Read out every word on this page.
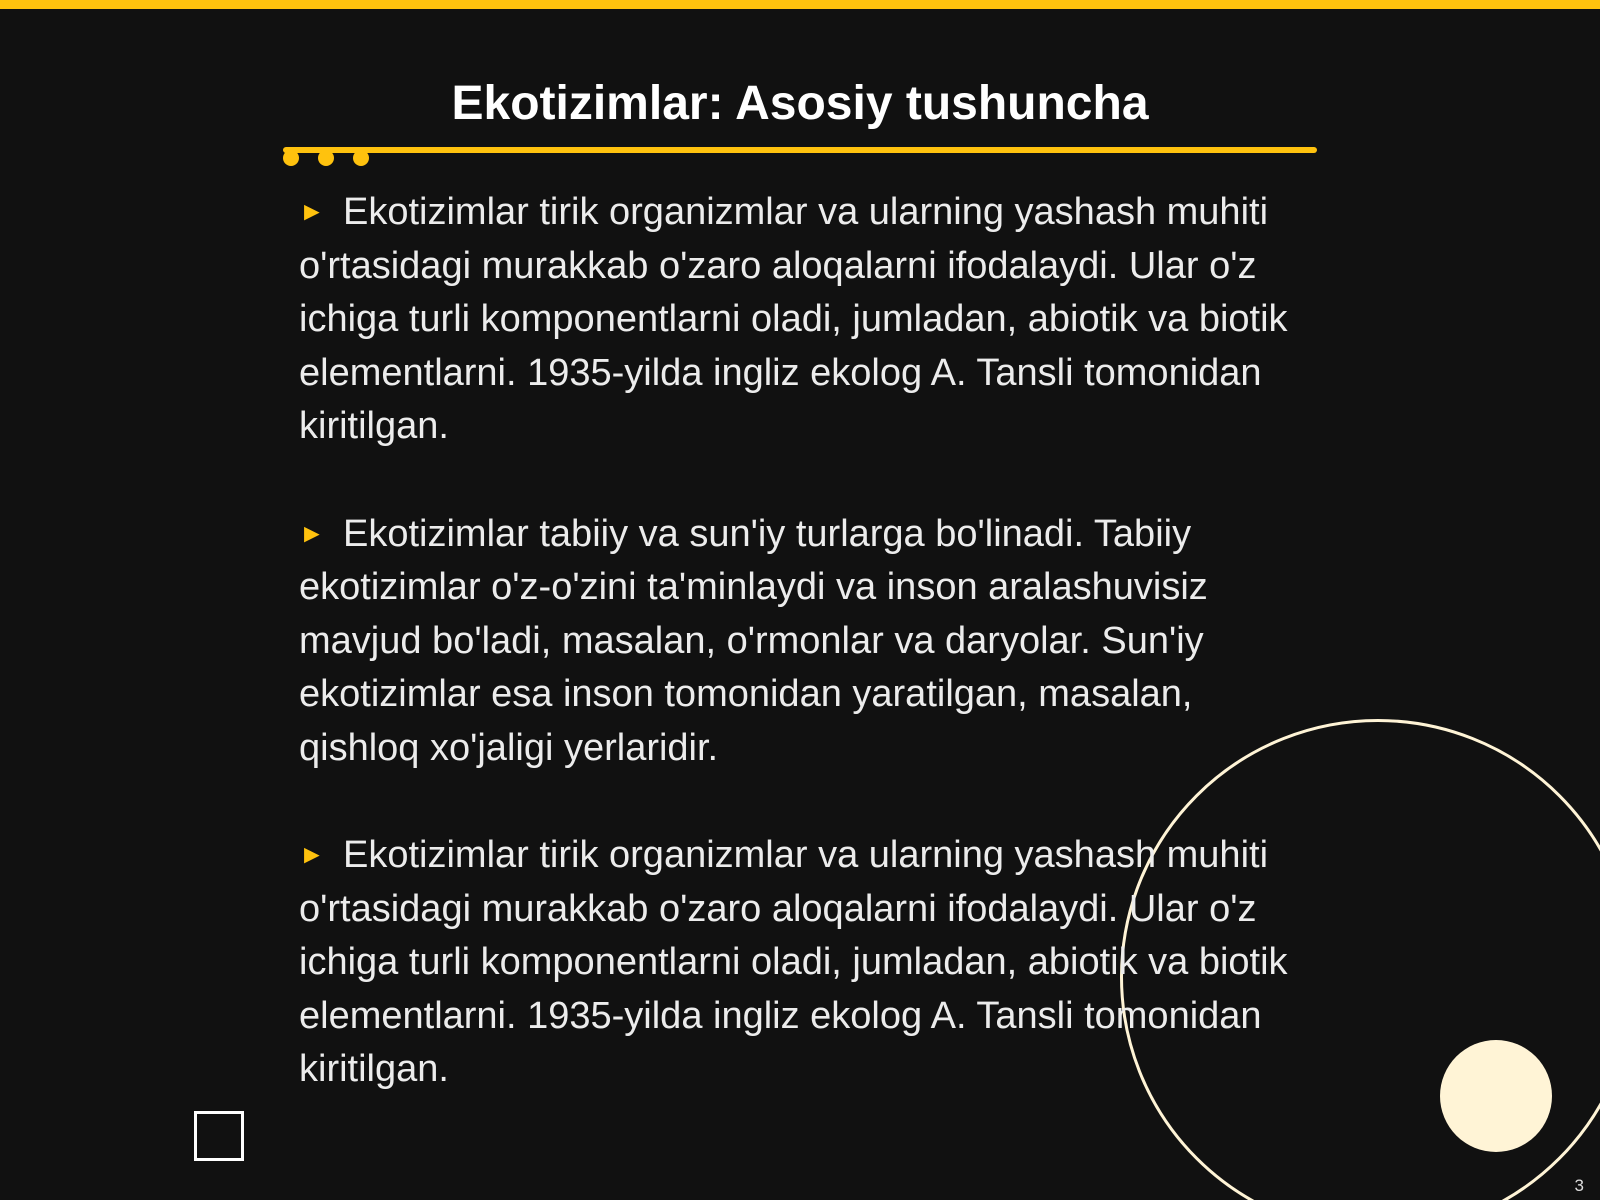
Ekotizimlar: Asosiy tushuncha

► Ekotizimlar tirik organizmlar va ularning yashash muhiti o'rtasidagi murakkab o'zaro aloqalarni ifodalaydi. Ular o'z ichiga turli komponentlarni oladi, jumladan, abiotik va biotik elementlarni. 1935-yilda ingliz ekolog A. Tansli tomonidan kiritilgan.

► Ekotizimlar tabiiy va sun'iy turlarga bo'linadi. Tabiiy ekotizimlar o'z-o'zini ta'minlaydi va inson aralashuvisiz mavjud bo'ladi, masalan, o'rmonlar va daryolar. Sun'iy ekotizimlar esa inson tomonidan yaratilgan, masalan, qishloq xo'jaligi yerlaridir.

► Ekotizimlar tirik organizmlar va ularning yashash muhiti o'rtasidagi murakkab o'zaro aloqalarni ifodalaydi. Ular o'z ichiga turli komponentlarni oladi, jumladan, abiotik va biotik elementlarni. 1935-yilda ingliz ekolog A. Tansli tomonidan kiritilgan.

3
